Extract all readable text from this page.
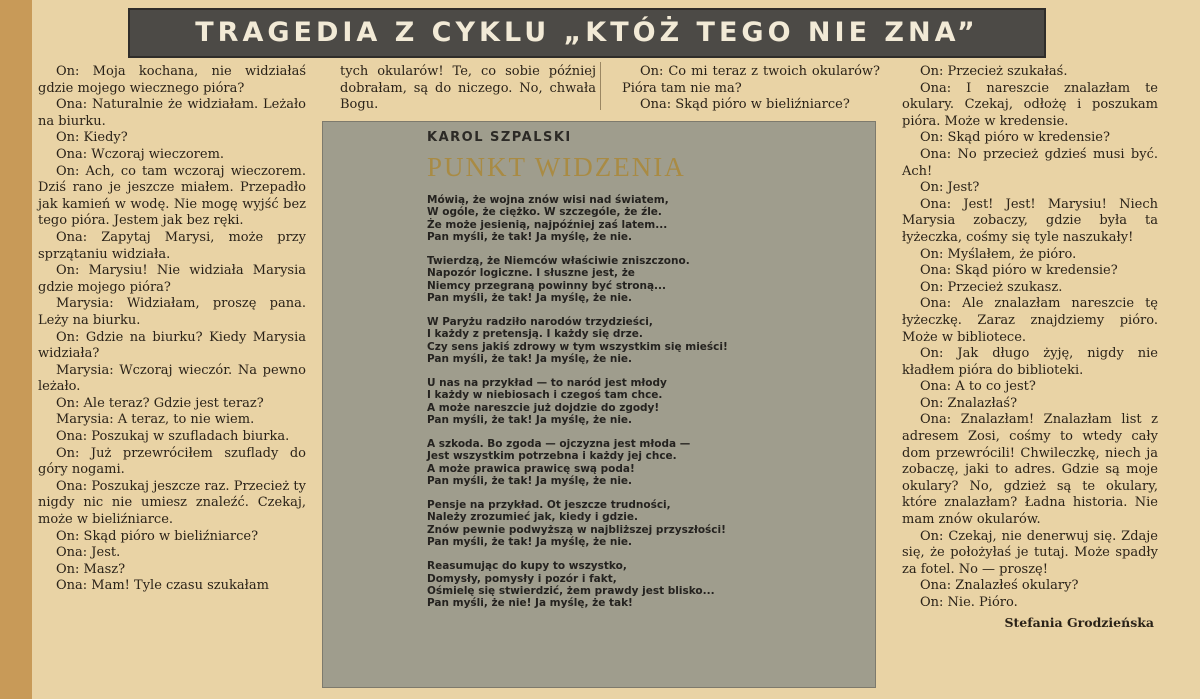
TRAGEDIA Z CYKLU „KTÓŻ TEGO NIE ZNA”

On: Moja kochana, nie widziałaś gdzie mojego wiecznego pióra?

Ona: Naturalnie że widziałam. Leżało na biurku.

On: Kiedy?

Ona: Wczoraj wieczorem.

On: Ach, co tam wczoraj wieczorem. Dziś rano je jeszcze miałem. Przepadło jak kamień w wodę. Nie mogę wyjść bez tego pióra. Jestem jak bez ręki.

Ona: Zapytaj Marysi, może przy sprzątaniu widziała.

On: Marysiu! Nie widziała Marysia gdzie mojego pióra?

Marysia: Widziałam, proszę pana. Leży na biurku.

On: Gdzie na biurku? Kiedy Marysia widziała?

Marysia: Wczoraj wieczór. Na pewno leżało.

On: Ale teraz? Gdzie jest teraz?

Marysia: A teraz, to nie wiem.

Ona: Poszukaj w szufladach biurka.

On: Już przewróciłem szuflady do góry nogami.

Ona: Poszukaj jeszcze raz. Przecież ty nigdy nic nie umiesz znaleźć. Czekaj, może w bieliźniarce.

On: Skąd pióro w bieliźniarce?

Ona: Jest.

On: Masz?

Ona: Mam! Tyle czasu szukałam

tych okularów! Te, co sobie później dobrałam, są do niczego. No, chwała Bogu.

On: Co mi teraz z twoich okularów? Pióra tam nie ma?

Ona: Skąd pióro w bieliźniarce?

On: Przecież szukałaś.

Ona: I nareszcie znalazłam te okulary. Czekaj, odłożę i poszukam pióra. Może w kredensie.

On: Skąd pióro w kredensie?

Ona: No przecież gdzieś musi być. Ach!

On: Jest?

Ona: Jest! Jest! Marysiu! Niech Marysia zobaczy, gdzie była ta łyżeczka, cośmy się tyle naszukały!

On: Myślałem, że pióro.

Ona: Skąd pióro w kredensie?

On: Przecież szukasz.

Ona: Ale znalazłam nareszcie tę łyżeczkę. Zaraz znajdziemy pióro. Może w bibliotece.

On: Jak długo żyję, nigdy nie kładłem pióra do biblioteki.

Ona: A to co jest?

On: Znalazłaś?

Ona: Znalazłam! Znalazłam list z adresem Zosi, cośmy to wtedy cały dom przewrócili! Chwileczkę, niech ja zobaczę, jaki to adres. Gdzie są moje okulary? No, gdzież są te okulary, które znalazłam? Ładna historia. Nie mam znów okularów.

On: Czekaj, nie denerwuj się. Zdaje się, że położyłaś je tutaj. Może spadły za fotel. No — proszę!

Ona: Znalazłeś okulary?

On: Nie. Pióro.

Stefania Grodzieńska
KAROL SZPALSKI
PUNKT WIDZENIA
Mówią, że wojna znów wisi nad światem,
W ogóle, że ciężko. W szczególe, że źle.
Że może jesienią, najpóźniej zaś latem...
Pan myśli, że tak! Ja myślę, że nie.
Twierdzą, że Niemców właściwie zniszczono.
Napozór logiczne. I słuszne jest, że
Niemcy przegraną powinny być stroną...
Pan myśli, że tak! Ja myślę, że nie.
W Paryżu radziło narodów trzydzieści,
I każdy z pretensją. I każdy się drze.
Czy sens jakiś zdrowy w tym wszystkim się mieści!
Pan myśli, że tak! Ja myślę, że nie.
U nas na przykład — to naród jest młody
I każdy w niebiosach i czegoś tam chce.
A może nareszcie już dojdzie do zgody!
Pan myśli, że tak! Ja myślę, że nie.
A szkoda. Bo zgoda — ojczyzna jest młoda —
Jest wszystkim potrzebna i każdy jej chce.
A może prawica prawicę swą poda!
Pan myśli, że tak! Ja myślę, że nie.
Pensje na przykład. Ot jeszcze trudności,
Należy zrozumieć jak, kiedy i gdzie.
Znów pewnie podwyższą w najbliższej przyszłości!
Pan myśli, że tak! Ja myślę, że nie.
Reasumując do kupy to wszystko,
Domysły, pomysły i pozór i fakt,
Ośmielę się stwierdzić, żem prawdy jest blisko...
Pan myśli, że nie! Ja myślę, że tak!
